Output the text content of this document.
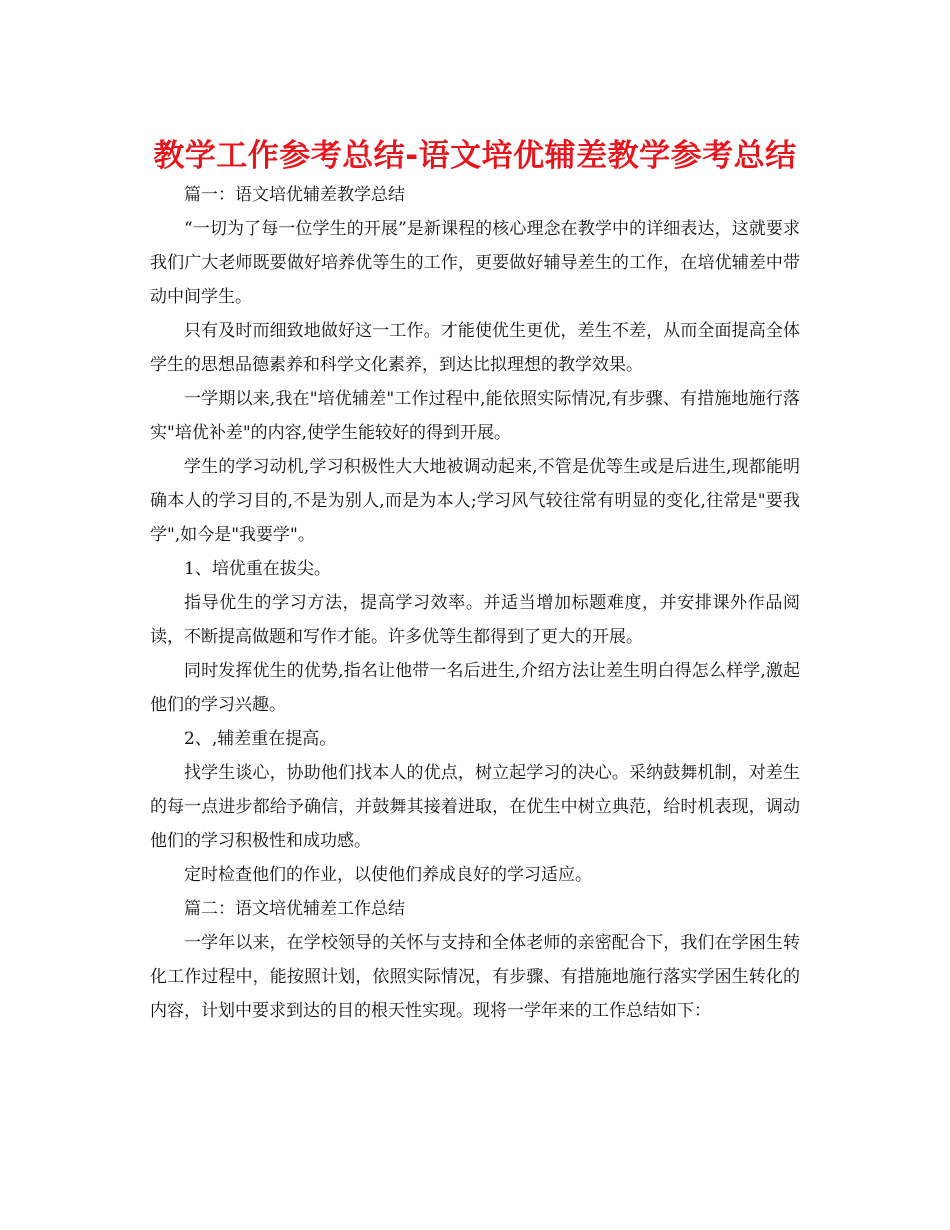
教学工作参考总结-语文培优辅差教学参考总结

篇一：语文培优辅差教学总结

“一切为了每一位学生的开展”是新课程的核心理念在教学中的详细表达，这就要求我们广大老师既要做好培养优等生的工作，更要做好辅导差生的工作，在培优辅差中带动中间学生。

只有及时而细致地做好这一工作。才能使优生更优，差生不差，从而全面提高全体学生的思想品德素养和科学文化素养，到达比拟理想的教学效果。

一学期以来,我在"培优辅差"工作过程中,能依照实际情况,有步骤、有措施地施行落实"培优补差"的内容,使学生能较好的得到开展。

学生的学习动机,学习积极性大大地被调动起来,不管是优等生或是后进生,现都能明确本人的学习目的,不是为别人,而是为本人;学习风气较往常有明显的变化,往常是"要我学",如今是"我要学"。

1、培优重在拔尖。

指导优生的学习方法，提高学习效率。并适当增加标题难度，并安排课外作品阅读，不断提高做题和写作才能。许多优等生都得到了更大的开展。

同时发挥优生的优势,指名让他带一名后进生,介绍方法让差生明白得怎么样学,激起他们的学习兴趣。

2、,辅差重在提高。

找学生谈心，协助他们找本人的优点，树立起学习的决心。采纳鼓舞机制，对差生的每一点进步都给予确信，并鼓舞其接着进取，在优生中树立典范，给时机表现，调动他们的学习积极性和成功感。

定时检查他们的作业，以使他们养成良好的学习适应。

篇二：语文培优辅差工作总结

一学年以来，在学校领导的关怀与支持和全体老师的亲密配合下，我们在学困生转化工作过程中，能按照计划，依照实际情况，有步骤、有措施地施行落实学困生转化的内容，计划中要求到达的目的根天性实现。现将一学年来的工作总结如下：
